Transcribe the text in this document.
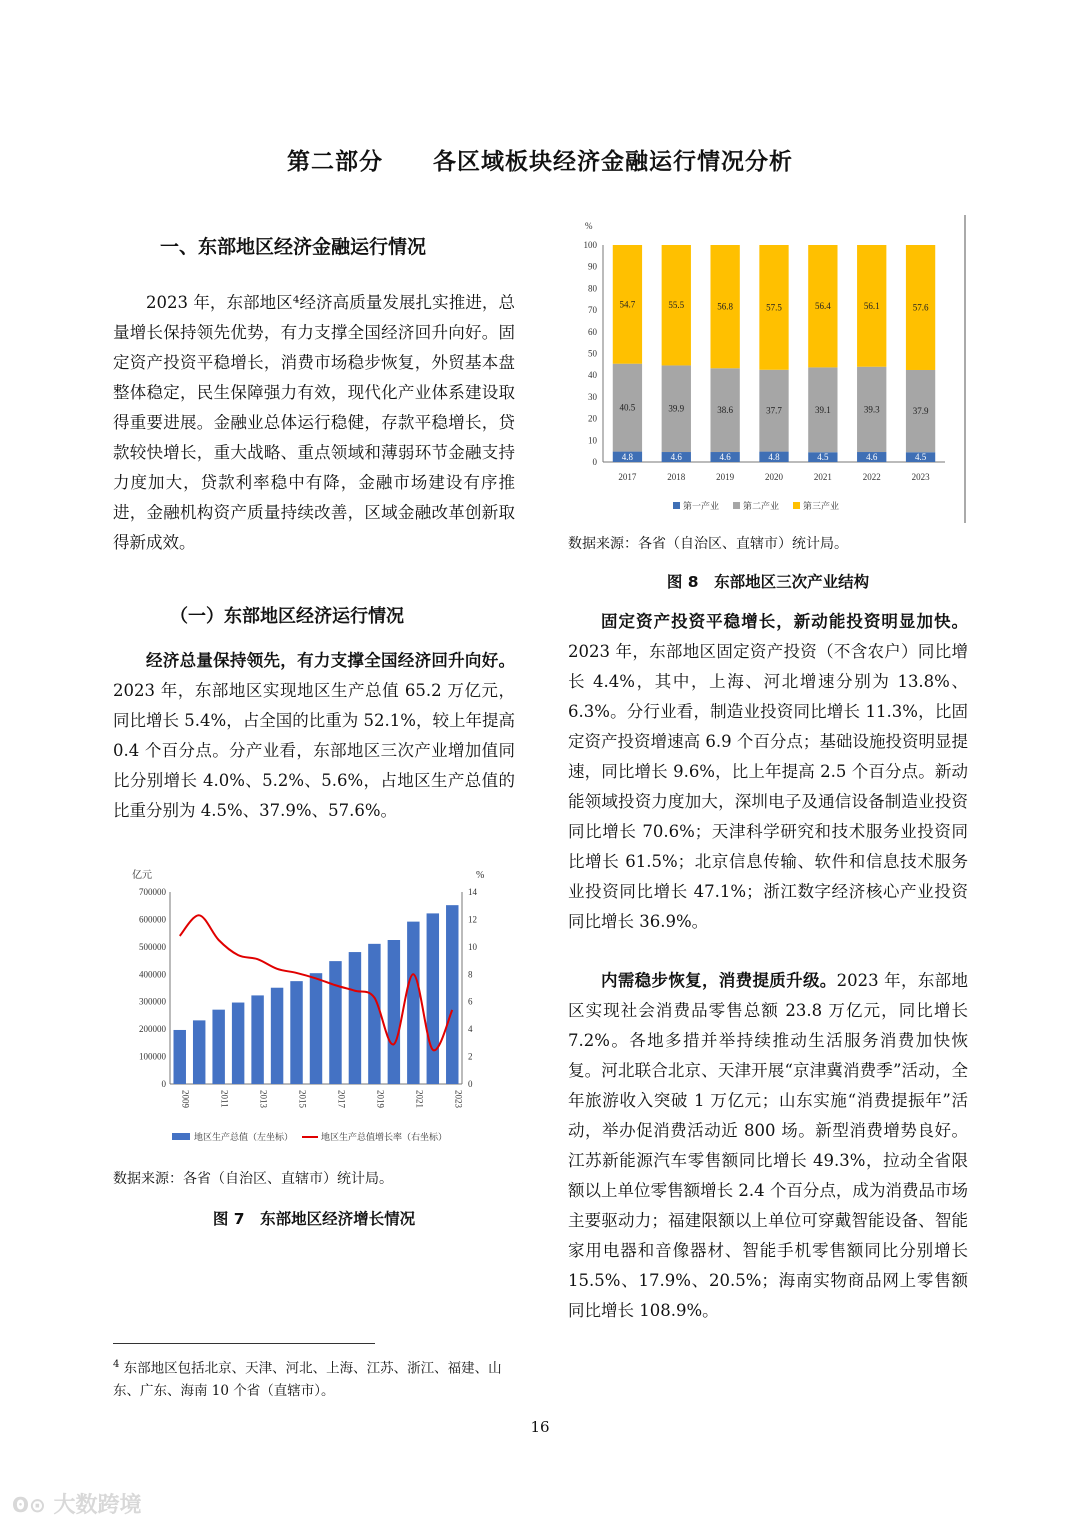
第二部分 各区域板块经济金融运行情况分析
一、东部地区经济金融运行情况

2023 年，东部地区⁴经济高质量发展扎实推进，总量增长保持领先优势，有力支撑全国经济回升向好。固定资产投资平稳增长，消费市场稳步恢复，外贸基本盘整体稳定，民生保障强力有效，现代化产业体系建设取得重要进展。金融业总体运行稳健，存款平稳增长，贷款较快增长，重大战略、重点领域和薄弱环节金融支持力度加大，贷款利率稳中有降，金融市场建设有序推进，金融机构资产质量持续改善，区域金融改革创新取得新成效。

（一）东部地区经济运行情况

经济总量保持领先，有力支撑全国经济回升向好。2023 年，东部地区实现地区生产总值 65.2 万亿元，同比增长 5.4%，占全国的比重为 52.1%，较上年提高 0.4 个百分点。分产业看，东部地区三次产业增加值同比分别增长 4.0%、5.2%、5.6%，占地区生产总值的比重分别为 4.5%、37.9%、57.6%。

亿元	%
0
100000
200000
300000
400000
500000
600000
700000
0
2
4
6
8
10
12
14
2009	2011	2013	2015	2017	2019	2021	2023
地区生产总值（左坐标）	地区生产总值增长率（右坐标）
数据来源：各省（自治区、直辖市）统计局。
图 7　东部地区经济增长情况
$^4$ 东部地区包括北京、天津、河北、上海、江苏、浙江、福建、山东、广东、海南 10 个省（直辖市）。
%
0
10
20
30
40
50
60
70
80
90
100
4.8
40.5
54.7
2017
4.6
39.9
55.5
2018
4.6
38.6
56.8
2019
4.8
37.7
57.5
2020
4.5
39.1
56.4
2021
4.6
39.3
56.1
2022
4.5
37.9
57.6
2023
第一产业	第二产业	第三产业
数据来源：各省（自治区、直辖市）统计局。
图 8　东部地区三次产业结构

固定资产投资平稳增长，新动能投资明显加快。2023 年，东部地区固定资产投资（不含农户）同比增长 4.4%，其中，上海、河北增速分别为 13.8%、6.3%。分行业看，制造业投资同比增长 11.3%，比固定资产投资增速高 6.9 个百分点；基础设施投资明显提速，同比增长 9.6%，比上年提高 2.5 个百分点。新动能领域投资力度加大，深圳电子及通信设备制造业投资同比增长 70.6%；天津科学研究和技术服务业投资同比增长 61.5%；北京信息传输、软件和信息技术服务业投资同比增长 47.1%；浙江数字经济核心产业投资同比增长 36.9%。

内需稳步恢复，消费提质升级。2023 年，东部地区实现社会消费品零售总额 23.8 万亿元，同比增长 7.2%。各地多措并举持续推动生活服务消费加快恢复。河北联合北京、天津开展“京津冀消费季”活动，全年旅游收入突破 1 万亿元；山东实施“消费提振年”活动，举办促消费活动近 800 场。新型消费增势良好。江苏新能源汽车零售额同比增长 49.3%，拉动全省限额以上单位零售额增长 2.4 个百分点，成为消费品市场主要驱动力；福建限额以上单位可穿戴智能设备、智能家用电器和音像器材、智能手机零售额同比分别增长 15.5%、17.9%、20.5%；海南实物商品网上零售额同比增长 108.9%。

16
ʘ⊙ 大数跨境
